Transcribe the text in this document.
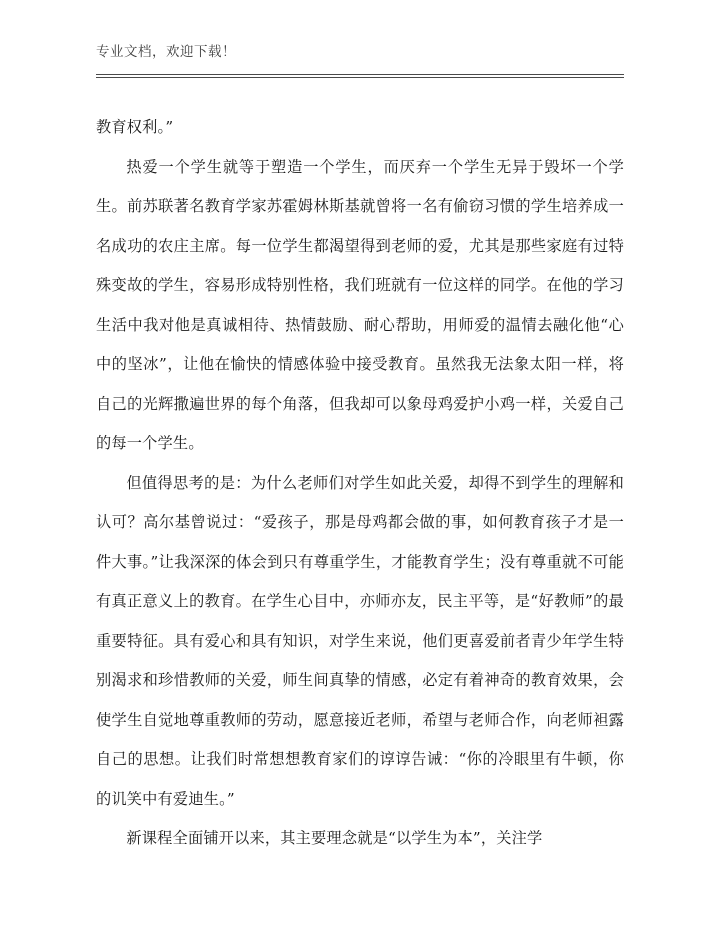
专业文档，欢迎下载！

教育权利。”

热爱一个学生就等于塑造一个学生，而厌弃一个学生无异于毁坏一个学生。前苏联著名教育学家苏霍姆林斯基就曾将一名有偷窃习惯的学生培养成一名成功的农庄主席。每一位学生都渴望得到老师的爱，尤其是那些家庭有过特殊变故的学生，容易形成特别性格，我们班就有一位这样的同学。在他的学习生活中我对他是真诚相待、热情鼓励、耐心帮助，用师爱的温情去融化他“心中的坚冰”，让他在愉快的情感体验中接受教育。虽然我无法象太阳一样，将自己的光辉撒遍世界的每个角落，但我却可以象母鸡爱护小鸡一样，关爱自己的每一个学生。

但值得思考的是：为什么老师们对学生如此关爱，却得不到学生的理解和认可？高尔基曾说过：“爱孩子，那是母鸡都会做的事，如何教育孩子才是一件大事。”让我深深的体会到只有尊重学生，才能教育学生；没有尊重就不可能有真正意义上的教育。在学生心目中，亦师亦友，民主平等，是“好教师”的最重要特征。具有爱心和具有知识，对学生来说，他们更喜爱前者青少年学生特别渴求和珍惜教师的关爱，师生间真挚的情感，必定有着神奇的教育效果，会使学生自觉地尊重教师的劳动，愿意接近老师，希望与老师合作，向老师袒露自己的思想。让我们时常想想教育家们的谆谆告诫：“你的冷眼里有牛顿，你的讥笑中有爱迪生。”

新课程全面铺开以来，其主要理念就是“以学生为本”，关注学
